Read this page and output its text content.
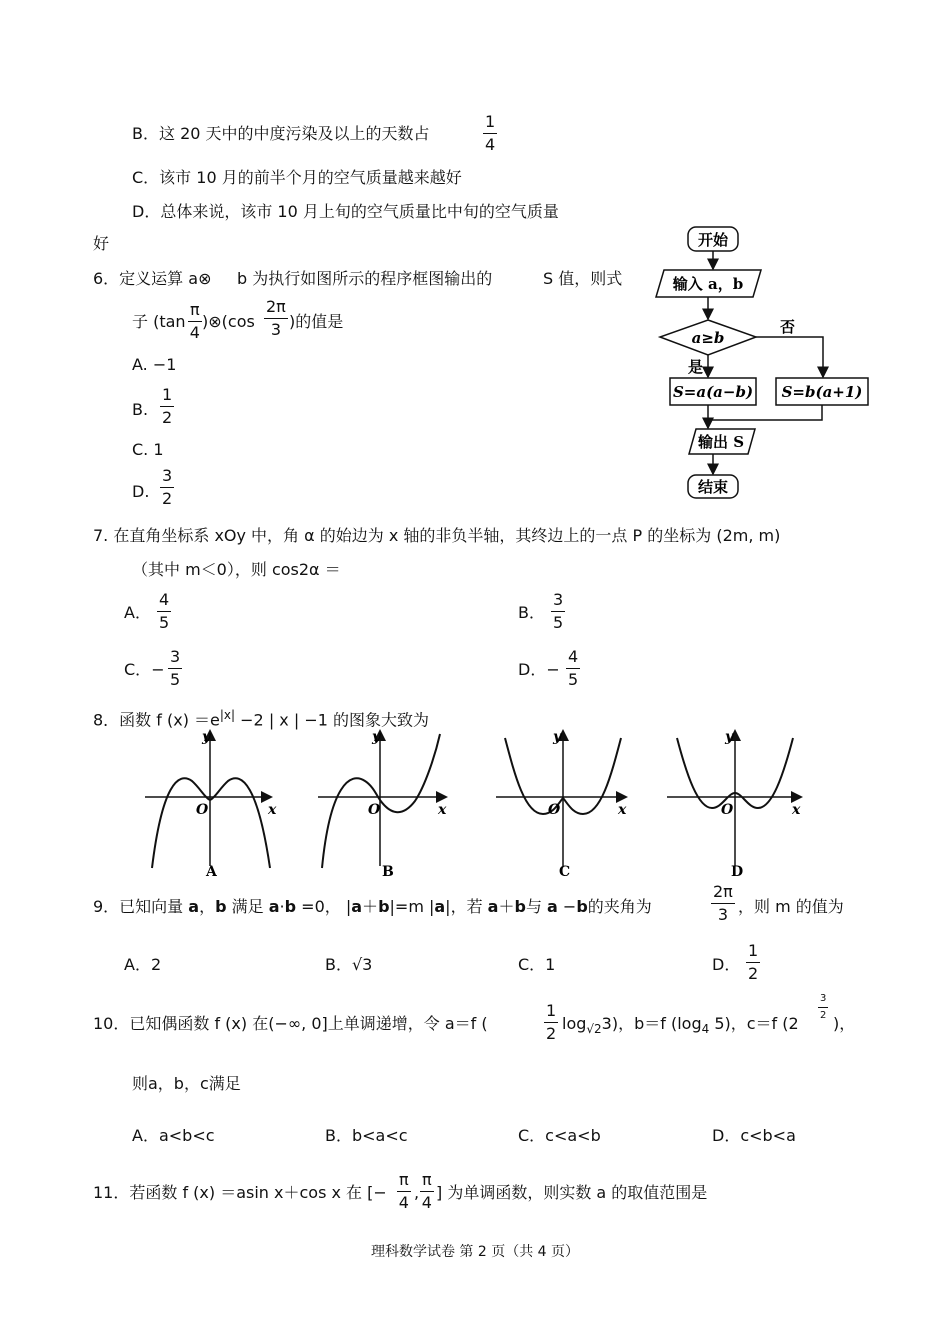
B．这 20 天中的中度污染及以上的天数占	$\frac{1}{4}$
C．该市 10 月的前半个月的空气质量越来越好
D．总体来说，该市 10 月上旬的空气质量比中旬的空气质量
好
6．定义运算 a⊗ b 为执行如图所示的程序框图输出的	S 值，则式
子 ($\tan \frac{\pi}{4}$ )⊗(cos $\frac{2\pi}{3}$ )的值是
A. −1
B. $\frac{1}{2}$
C. 1
D. $\frac{3}{2}$
开始
输入 a，b
a≥b
否
是
S=a(a−b) S=b(a+1)
输出 S
结束
7. 在直角坐标系 xOy 中，角 α 的始边为 x 轴的非负半轴，其终边上的一点 P 的坐标为 (2m, m)
（其中 m＜0），则 cos2α ＝
A． $\frac{4}{5}$	B． $\frac{3}{5}$
C．− $\frac{3}{5}$	D．− $\frac{4}{5}$
8．函数 f $(x) =e^{|x|} -2$ | x | −1 的图象大致为
y
x
O
A
y
x
O
B
y
x
O
C
y
x
O
D
9．已知向量 a，b 满足 a·b =0， |a＋b|=m |a|，若 a＋b与 a −b的夹角为	$\frac{2\pi}{3}$ ，则 m 的值为
A．2	B．√3	C．1	D． $\frac{1}{2}$
10．已知偶函数 f (x) 在(−∞, 0]上单调递增，令 a＝f (	$\frac{1}{2} \log_{√2}3$)，b＝f ($\log_4$ 5)，c＝f (2
$\frac{3}{2}$
)，
则a，b，c满足
A．a<b<c	B．b<a<c	C．c<a<b	D．c<b<a
11．若函数 f (x) ＝asin x＋cos x 在 [− $\frac{\pi}{4}$ , $\frac{\pi}{4}$ ] 为单调函数，则实数 a 的取值范围是
理科数学试卷 第 2 页（共 4 页）
